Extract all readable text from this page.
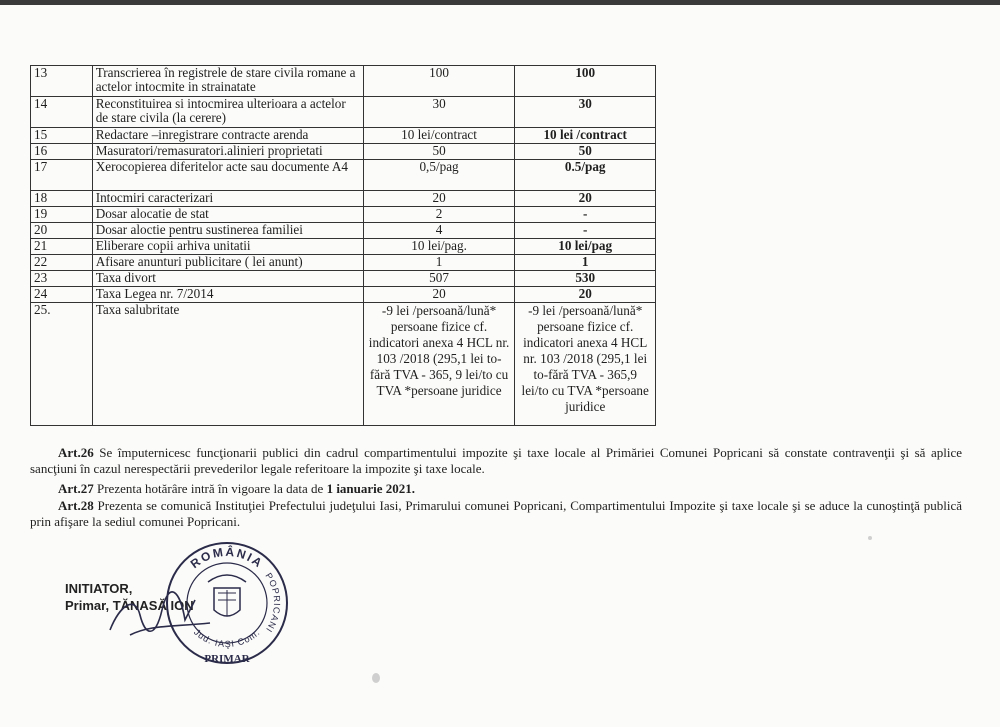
13	Transcrierea în registrele de stare civila romane a actelor intocmite in strainatate	100	100
14	Reconstituirea si intocmirea ulterioara a actelor de stare civila (la cerere)	30	30
15	Redactare –inregistrare contracte arenda	10 lei/contract	10 lei /contract
16	Masuratori/remasuratori.alinieri proprietati	50	50
17	Xerocopierea diferitelor acte sau documente A4	0,5/pag	0.5/pag
18	Intocmiri caracterizari	20	20
19	Dosar alocatie de stat	2	-
20	Dosar aloctie pentru sustinerea familiei	4	-
21	Eliberare copii arhiva unitatii	10 lei/pag.	10 lei/pag
22	Afisare anunturi publicitare ( lei anunt)	1	1
23	Taxa divort	507	530
24	Taxa Legea nr. 7/2014	20	20
25.	Taxa salubritate	-9 lei /persoană/lună* persoane fizice cf. indicatori anexa 4 HCL nr. 103 /2018 (295,1 lei to-fără TVA - 365, 9 lei/to cu TVA *persoane juridice	-9 lei /persoană/lună* persoane fizice cf. indicatori anexa 4 HCL nr. 103 /2018 (295,1 lei to-fără TVA - 365,9 lei/to cu TVA *persoane juridice
Art.26 Se împuternicesc funcţionarii publici din cadrul compartimentului impozite şi taxe locale al Primăriei Comunei Popricani să constate contravenţii şi să aplice sancţiuni în cazul nerespectării prevederilor legale referitoare la impozite şi taxe locale.
Art.27 Prezenta hotărâre intră în vigoare la data de 1 ianuarie 2021.
Art.28 Prezenta se comunică Instituţiei Prefectului judeţului Iasi, Primarului comunei Popricani, Compartimentului Impozite şi taxe locale şi se aduce la cunoştinţă publică prin afişare la sediul comunei Popricani.
INITIATOR,
Primar, TĂNASĂ ION
ROMÂNIA
POPRICANI
Jud. IAŞI Com.
PRIMAR
